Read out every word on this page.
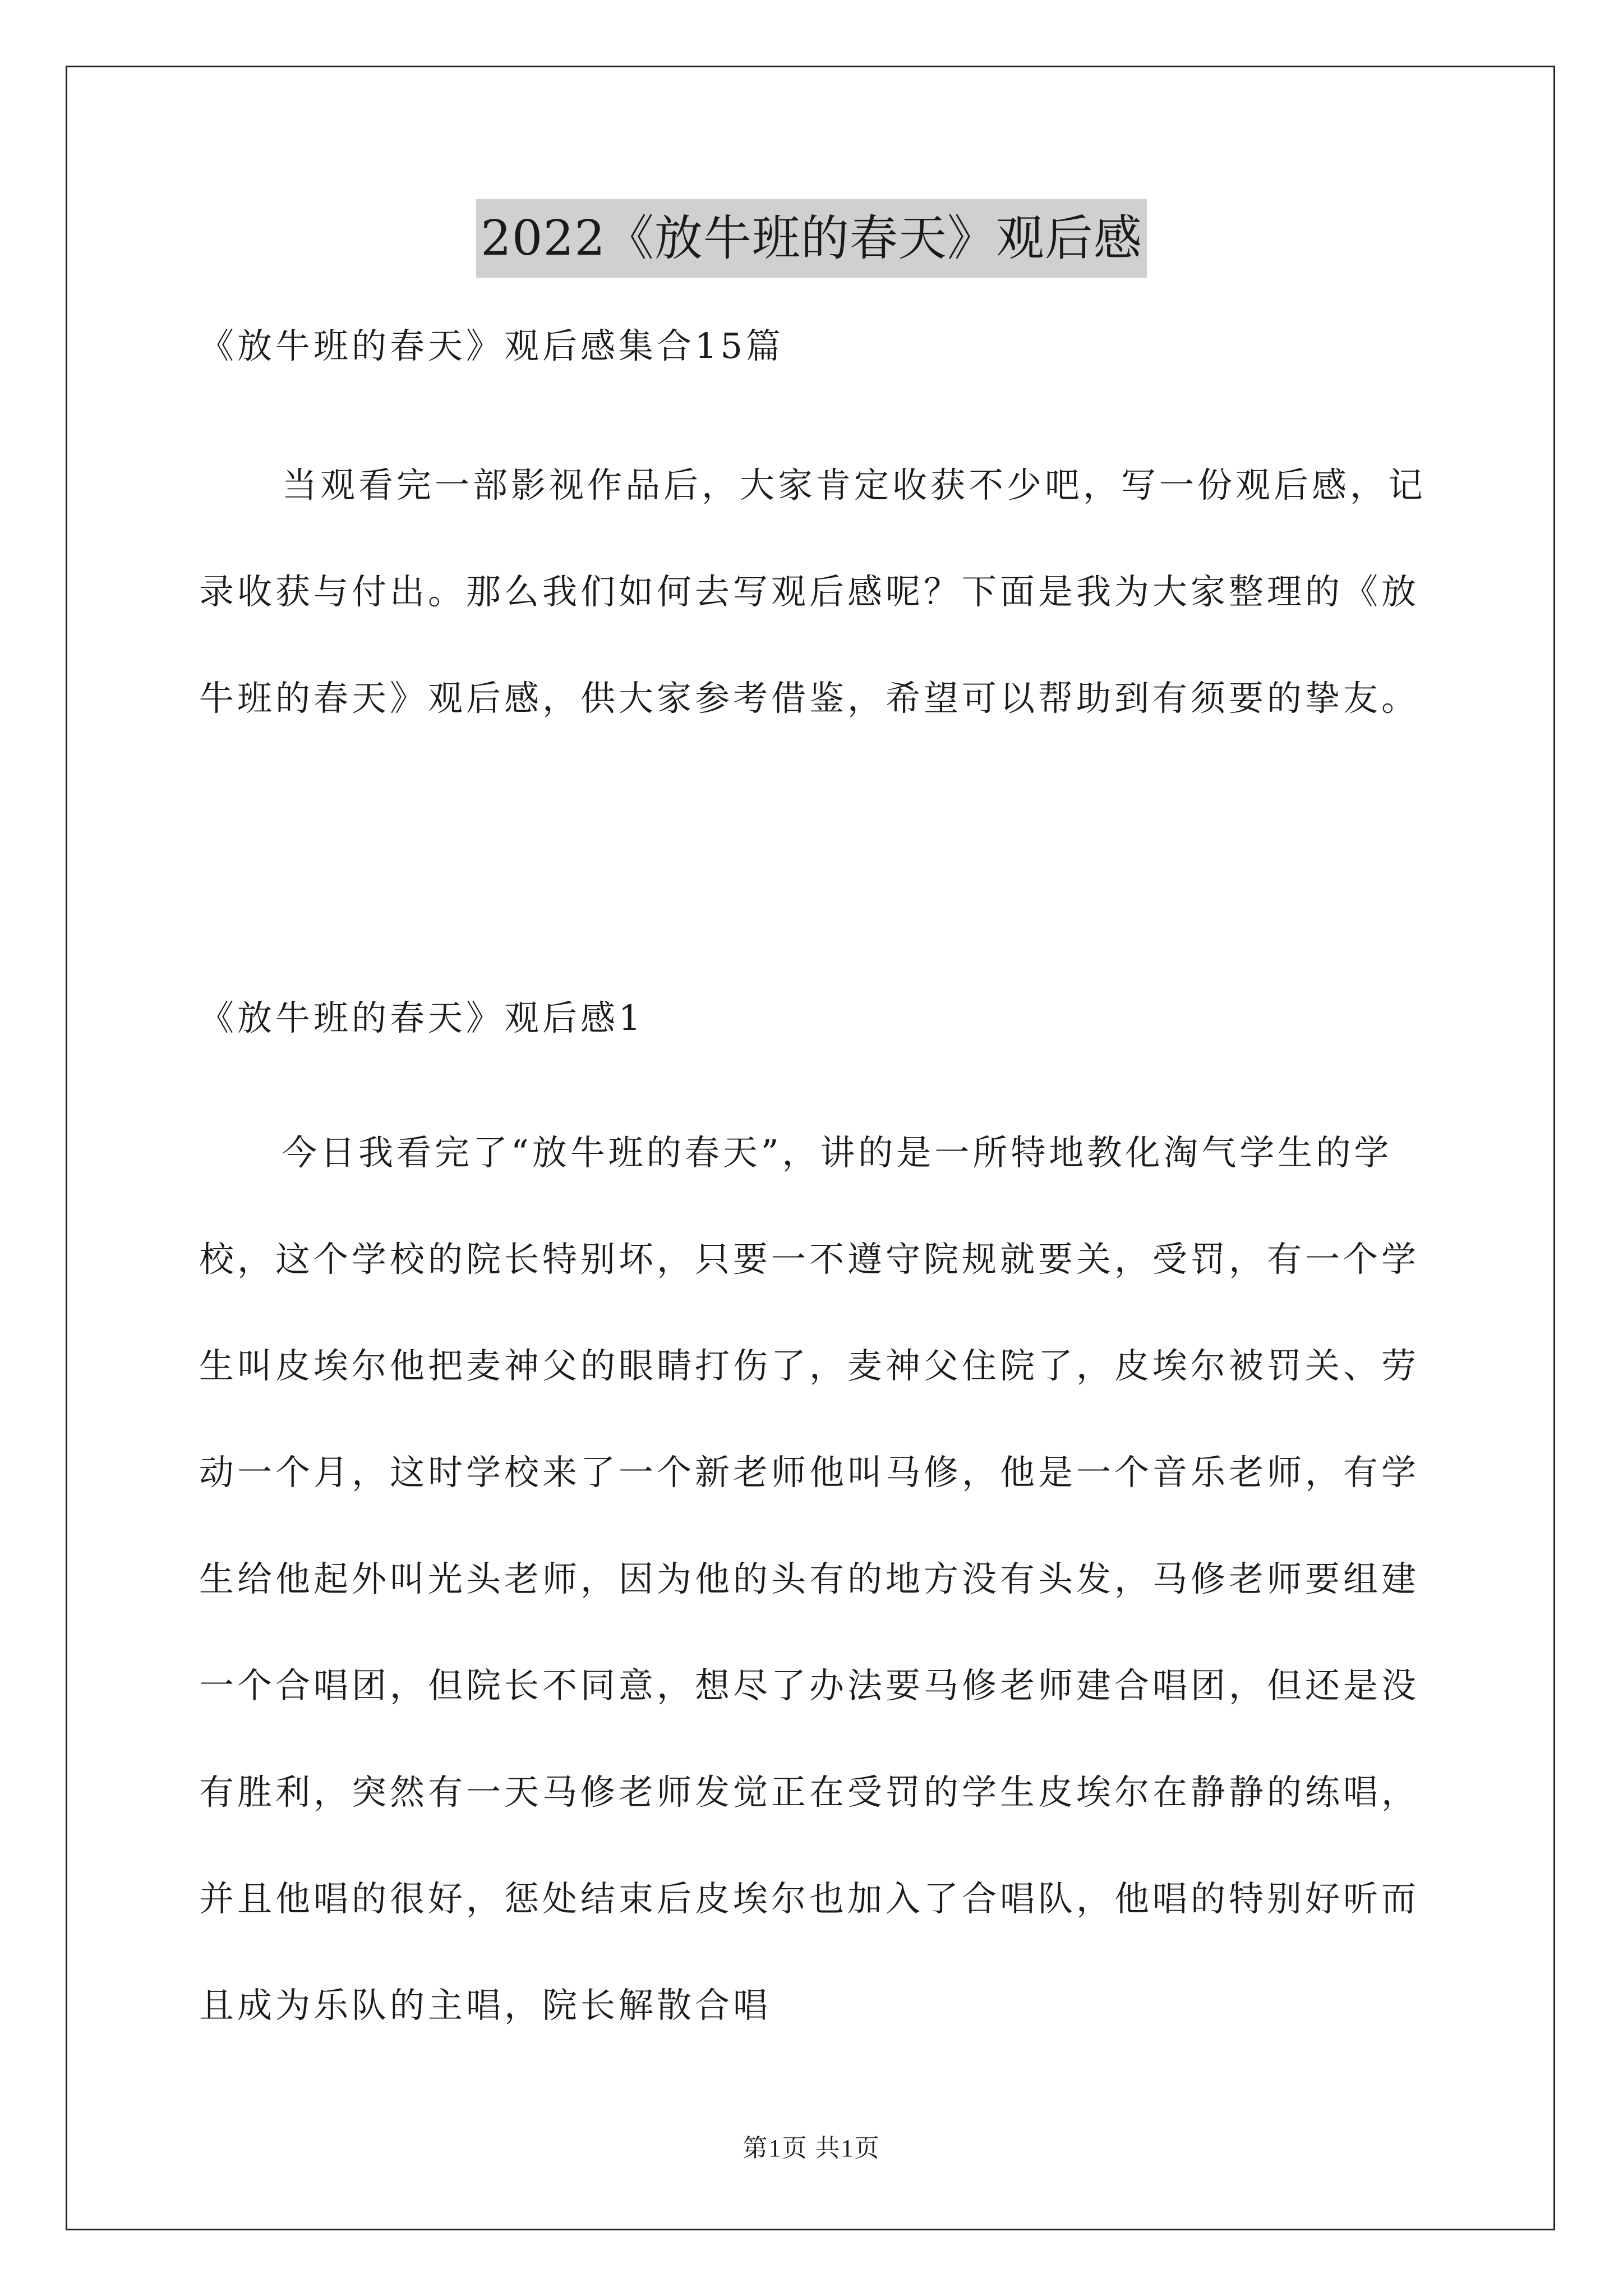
2022《放牛班的春天》观后感
《放牛班的春天》观后感集合15篇
当观看完一部影视作品后，大家肯定收获不少吧，写一份观后感，记录收获与付出。那么我们如何去写观后感呢？下面是我为大家整理的《放牛班的春天》观后感，供大家参考借鉴，希望可以帮助到有须要的挚友。
《放牛班的春天》观后感1
今日我看完了“放牛班的春天”，讲的是一所特地教化淘气学生的学校，这个学校的院长特别坏，只要一不遵守院规就要关，受罚，有一个学生叫皮埃尔他把麦神父的眼睛打伤了，麦神父住院了，皮埃尔被罚关、劳动一个月，这时学校来了一个新老师他叫马修，他是一个音乐老师，有学生给他起外叫光头老师，因为他的头有的地方没有头发，马修老师要组建一个合唱团，但院长不同意，想尽了办法要马修老师建合唱团，但还是没有胜利，突然有一天马修老师发觉正在受罚的学生皮埃尔在静静的练唱，并且他唱的很好，惩处结束后皮埃尔也加入了合唱队，他唱的特别好听而且成为乐队的主唱，院长解散合唱
第1页 共1页
